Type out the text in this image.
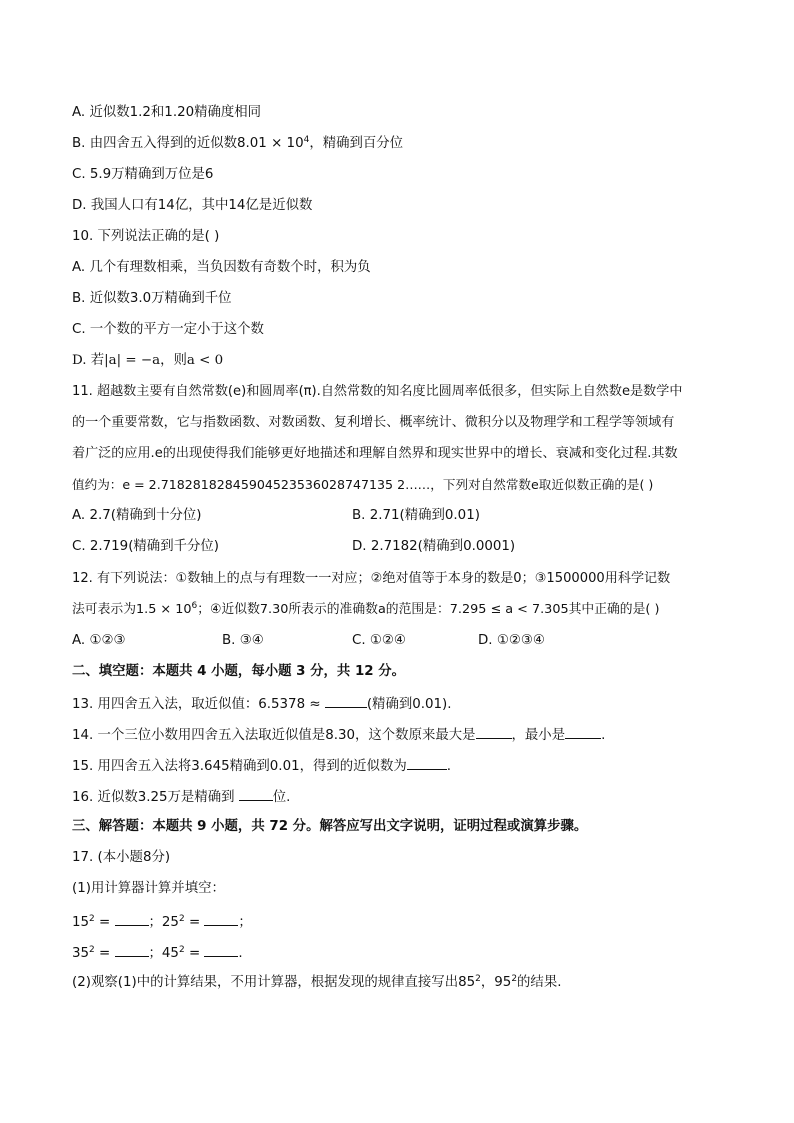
A. 近似数1.2和1.20精确度相同
B. 由四舍五入得到的近似数$8.01 \times 10^4$，精确到百分位
C. 5.9万精确到万位是6
D. 我国人口有14亿，其中14亿是近似数
10. 下列说法正确的是( )
A. 几个有理数相乘，当负因数有奇数个时，积为负
B. 近似数3.0万精确到千位
C. 一个数的平方一定小于这个数
D. 若|a| = −a，则a < 0
11. 超越数主要有自然常数(e)和圆周率(π).自然常数的知名度比圆周率低很多，但实际上自然数e是数学中
的一个重要常数，它与指数函数、对数函数、复利增长、概率统计、微积分以及物理学和工程学等领域有
着广泛的应用.e的出现使得我们能够更好地描述和理解自然界和现实世界中的增长、衰减和变化过程.其数
值约为：e = 2.71828182845904523536028747135 2……，下列对自然常数e取近似数正确的是( )
A. 2.7(精确到十分位)	B. 2.71(精确到0.01)
C. 2.719(精确到千分位)	D. 2.7182(精确到0.0001)
12. 有下列说法：①数轴上的点与有理数一一对应；②绝对值等于本身的数是0；③1500000用科学记数
法可表示为$1.5 \times 10^6$；④近似数7.30所表示的准确数a的范围是：7.295 ≤ a < 7.305其中正确的是( )
A. ①②③	B. ③④	C. ①②④	D. ①②③④
二、填空题：本题共 4 小题，每小题 3 分，共 12 分。
13. 用四舍五入法，取近似值：6.5378 ≈	(精确到0.01).
14. 一个三位小数用四舍五入法取近似值是8.30，这个数原来最大是	，最小是	.
15. 用四舍五入法将3.645精确到0.01，得到的近似数为	.
16. 近似数3.25万是精确到	位.
三、解答题：本题共 9 小题，共 72 分。解答应写出文字说明，证明过程或演算步骤。
17. (本小题8分)
(1)用计算器计算并填空：
$15^2$ =	；$25^2$ =	；
$35^2$ =	；$45^2$ =	.
(2)观察(1)中的计算结果，不用计算器，根据发现的规律直接写出$85^2$，$95^2$的结果.
